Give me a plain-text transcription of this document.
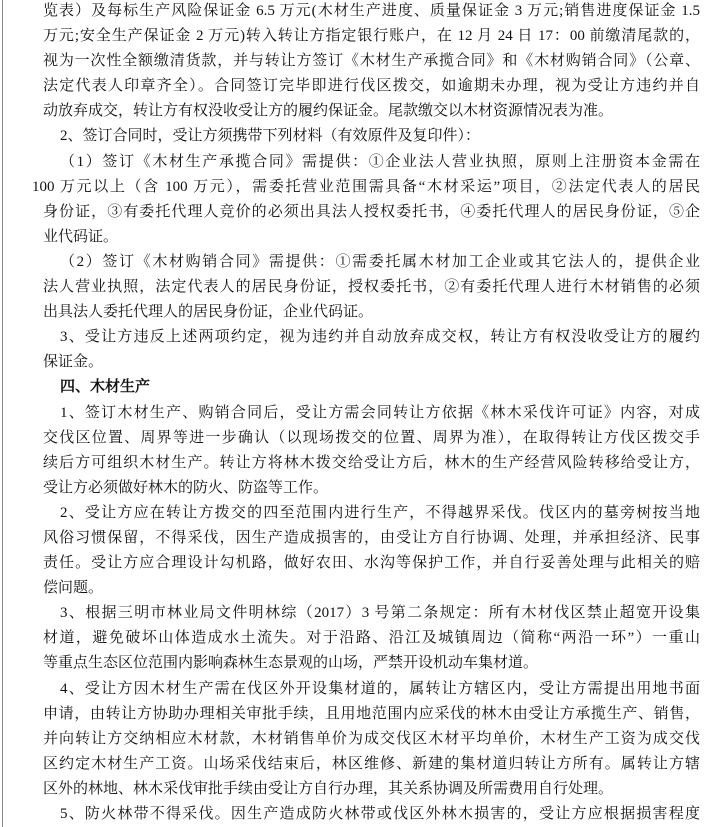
览表）及每标生产风险保证金 6.5 万元(木材生产进度、质量保证金 3 万元;销售进度保证金 1.5
万元;安全生产保证金 2 万元)转入转让方指定银行账户，在 12 月 24 日 17：00 前缴清尾款的，
视为一次性全额缴清货款，并与转让方签订《木材生产承揽合同》和《木材购销合同》（公章、
法定代表人印章齐全）。合同签订完毕即进行伐区拨交，如逾期未办理，视为受让方违约并自
动放弃成交，转让方有权没收受让方的履约保证金。尾款缴交以木材资源情况表为准。
2、签订合同时，受让方须携带下列材料（有效原件及复印件）：
（1）签订《木材生产承揽合同》需提供：①企业法人营业执照，原则上注册资本金需在
100 万元以上（含 100 万元），需委托营业范围需具备“木材采运”项目，②法定代表人的居民
身份证，③有委托代理人竞价的必须出具法人授权委托书，④委托代理人的居民身份证，⑤企
业代码证。
（2）签订《木材购销合同》需提供：①需委托属木材加工企业或其它法人的，提供企业
法人营业执照，法定代表人的居民身份证，授权委托书，②有委托代理人进行木材销售的必须
出具法人委托代理人的居民身份证，企业代码证。
3、受让方违反上述两项约定，视为违约并自动放弃成交权，转让方有权没收受让方的履约
保证金。
四、木材生产
1、签订木材生产、购销合同后，受让方需会同转让方依据《林木采伐许可证》内容，对成
交伐区位置、周界等进一步确认（以现场拨交的位置、周界为准），在取得转让方伐区拨交手
续后方可组织木材生产。转让方将林木拨交给受让方后，林木的生产经营风险转移给受让方，
受让方必须做好林木的防火、防盗等工作。
2、受让方应在转让方拨交的四至范围内进行生产，不得越界采伐。伐区内的墓旁树按当地
风俗习惯保留，不得采伐，因生产造成损害的，由受让方自行协调、处理，并承担经济、民事
责任。受让方应合理设计勾机路，做好农田、水沟等保护工作，并自行妥善处理与此相关的赔
偿问题。
3、根据三明市林业局文件明林综（2017）3 号第二条规定：所有木材伐区禁止超宽开设集
材道，避免破坏山体造成水土流失。对于沿路、沿江及城镇周边（简称“两沿一环”）一重山
等重点生态区位范围内影响森林生态景观的山场，严禁开设机动车集材道。
4、受让方因木材生产需在伐区外开设集材道的，属转让方辖区内，受让方需提出用地书面
申请，由转让方协助办理相关审批手续，且用地范围内应采伐的林木由受让方承揽生产、销售，
并向转让方交纳相应木材款，木材销售单价为成交伐区木材平均单价，木材生产工资为成交伐
区约定木材生产工资。山场采伐结束后，林区维修、新建的集材道归转让方所有。属转让方辖
区外的林地、林木采伐审批手续由受让方自行办理，其关系协调及所需费用自行处理。
5、防火林带不得采伐。因生产造成防火林带或伐区外林木损害的，受让方应根据损害程度
